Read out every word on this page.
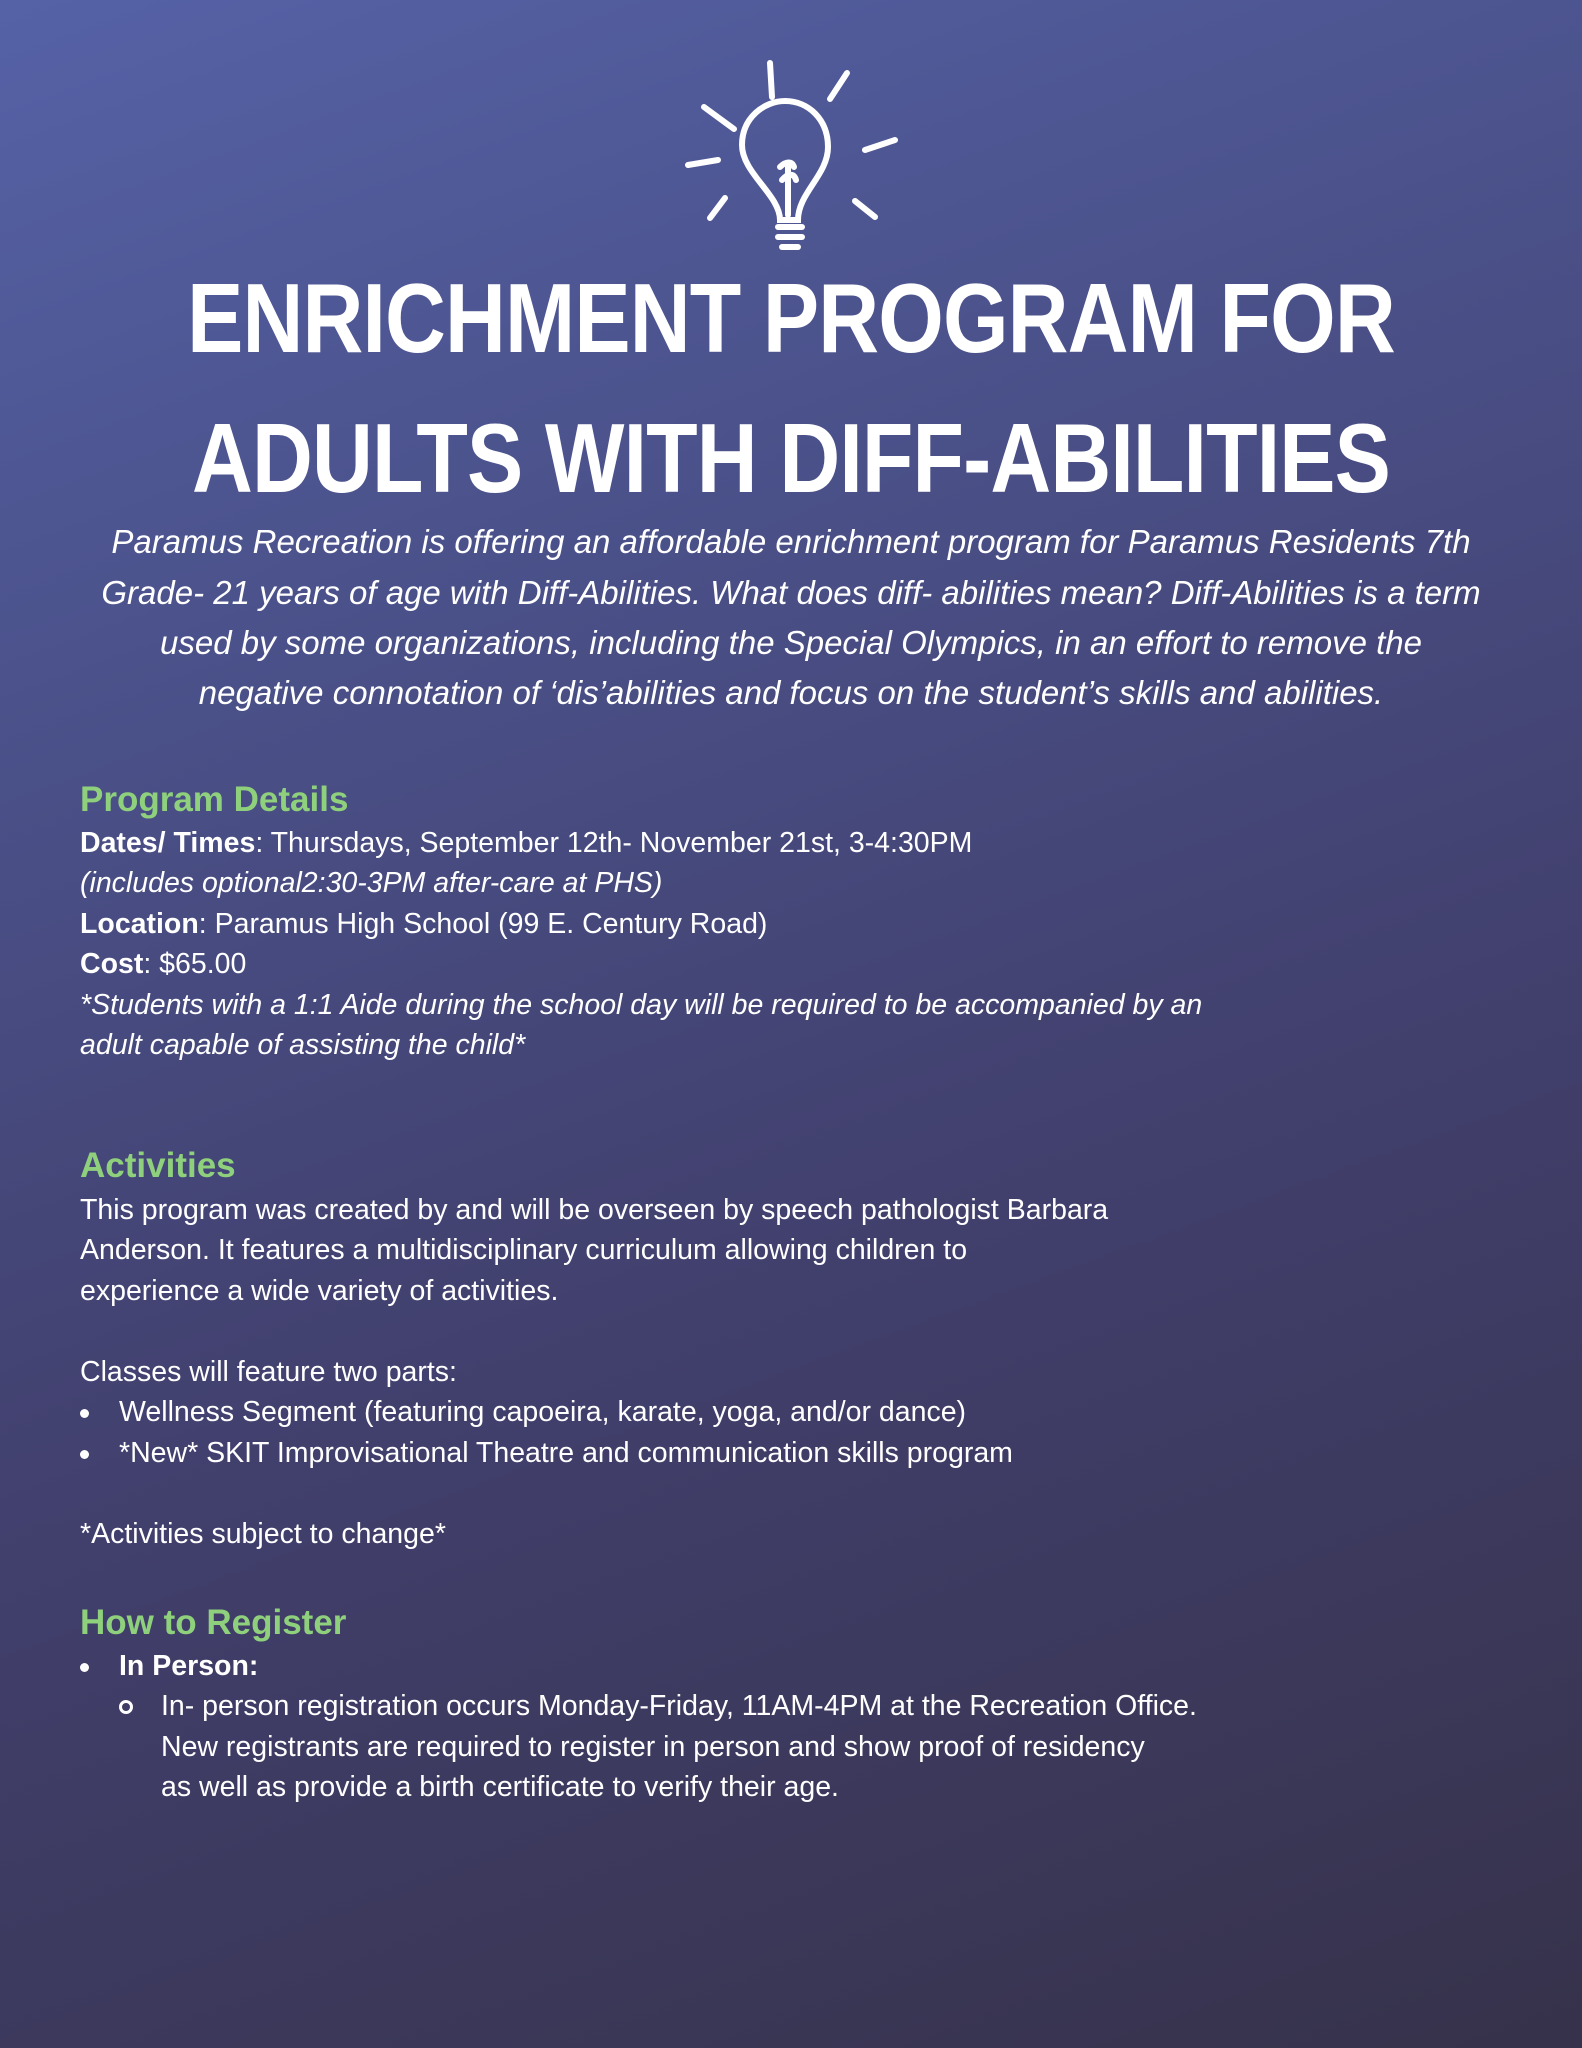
ENRICHMENT PROGRAM FOR
ADULTS WITH DIFF-ABILITIES
Paramus Recreation is offering an affordable enrichment program for Paramus Residents 7th
Grade- 21 years of age with Diff-Abilities. What does diff- abilities mean? Diff-Abilities is a term
used by some organizations, including the Special Olympics, in an effort to remove the
negative connotation of ‘dis’abilities and focus on the student’s skills and abilities.
Program Details
Dates/ Times: Thursdays, September 12th- November 21st, 3-4:30PM
(includes optional2:30-3PM after-care at PHS)
Location: Paramus High School (99 E. Century Road)
Cost: $65.00
*Students with a 1:1 Aide during the school day will be required to be accompanied by an
adult capable of assisting the child*
Activities
This program was created by and will be overseen by speech pathologist Barbara
Anderson. It features a multidisciplinary curriculum allowing children to
experience a wide variety of activities.
Classes will feature two parts:
Wellness Segment (featuring capoeira, karate, yoga, and/or dance)
*New* SKIT Improvisational Theatre and communication skills program
*Activities subject to change*
How to Register
In Person:
In- person registration occurs Monday-Friday, 11AM-4PM at the Recreation Office.
New registrants are required to register in person and show proof of residency
as well as provide a birth certificate to verify their age.
